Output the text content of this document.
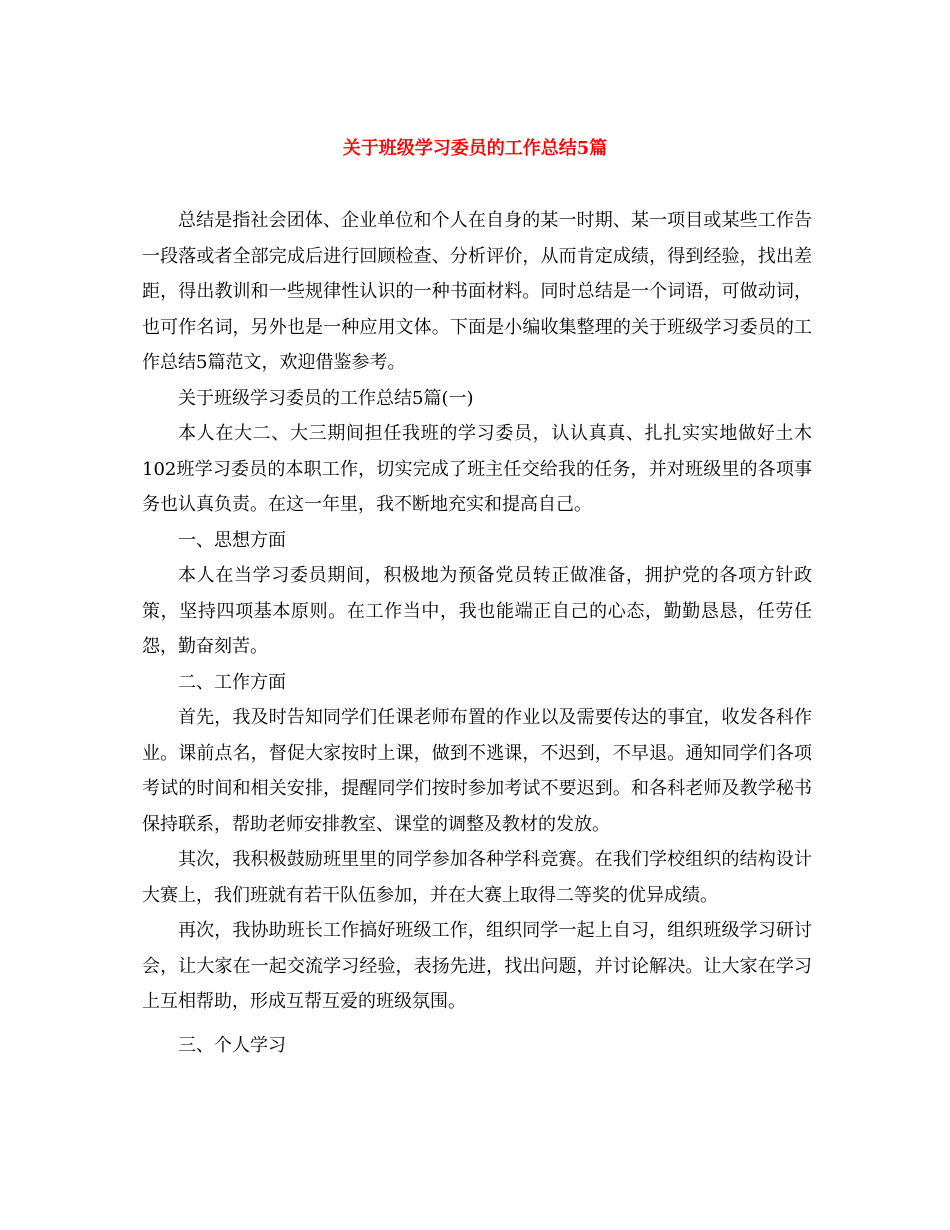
关于班级学习委员的工作总结5篇

总结是指社会团体、企业单位和个人在自身的某一时期、某一项目或某些工作告一段落或者全部完成后进行回顾检查、分析评价，从而肯定成绩，得到经验，找出差距，得出教训和一些规律性认识的一种书面材料。同时总结是一个词语，可做动词，也可作名词，另外也是一种应用文体。下面是小编收集整理的关于班级学习委员的工作总结5篇范文，欢迎借鉴参考。

关于班级学习委员的工作总结5篇(一)

本人在大二、大三期间担任我班的学习委员，认认真真、扎扎实实地做好土木102班学习委员的本职工作，切实完成了班主任交给我的任务，并对班级里的各项事务也认真负责。在这一年里，我不断地充实和提高自己。

一、思想方面

本人在当学习委员期间，积极地为预备党员转正做准备，拥护党的各项方针政策，坚持四项基本原则。在工作当中，我也能端正自己的心态，勤勤恳恳，任劳任怨，勤奋刻苦。

二、工作方面

首先，我及时告知同学们任课老师布置的作业以及需要传达的事宜，收发各科作业。课前点名，督促大家按时上课，做到不逃课，不迟到，不早退。通知同学们各项考试的时间和相关安排，提醒同学们按时参加考试不要迟到。和各科老师及教学秘书保持联系，帮助老师安排教室、课堂的调整及教材的发放。

其次，我积极鼓励班里里的同学参加各种学科竞赛。在我们学校组织的结构设计大赛上，我们班就有若干队伍参加，并在大赛上取得二等奖的优异成绩。

再次，我协助班长工作搞好班级工作，组织同学一起上自习，组织班级学习研讨会，让大家在一起交流学习经验，表扬先进，找出问题，并讨论解决。让大家在学习上互相帮助，形成互帮互爱的班级氛围。

三、个人学习
